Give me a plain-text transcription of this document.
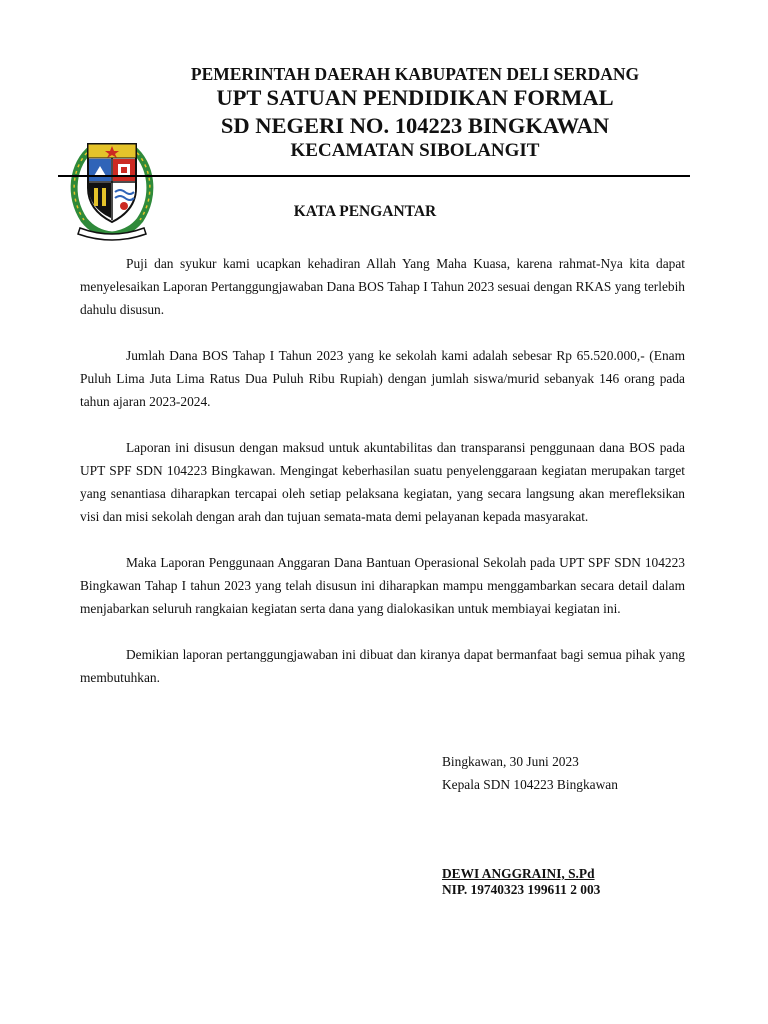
PEMERINTAH DAERAH KABUPATEN DELI SERDANG
UPT SATUAN PENDIDIKAN FORMAL
SD NEGERI NO. 104223 BINGKAWAN
KECAMATAN SIBOLANGIT
KATA PENGANTAR

Puji dan syukur kami ucapkan kehadiran Allah Yang Maha Kuasa, karena rahmat-Nya kita dapat menyelesaikan Laporan Pertanggungjawaban Dana BOS Tahap I Tahun 2023 sesuai dengan RKAS yang terlebih dahulu disusun.

Jumlah Dana BOS Tahap I Tahun 2023 yang ke sekolah kami adalah sebesar Rp 65.520.000,- (Enam Puluh Lima Juta Lima Ratus Dua Puluh Ribu Rupiah) dengan jumlah siswa/murid sebanyak 146 orang pada tahun ajaran 2023-2024.

Laporan ini disusun dengan maksud untuk akuntabilitas dan transparansi penggunaan dana BOS pada UPT SPF SDN 104223 Bingkawan. Mengingat keberhasilan suatu penyelenggaraan kegiatan merupakan target yang senantiasa diharapkan tercapai oleh setiap pelaksana kegiatan, yang secara langsung akan merefleksikan visi dan misi sekolah dengan arah dan tujuan semata-mata demi pelayanan kepada masyarakat.

Maka Laporan Penggunaan Anggaran Dana Bantuan Operasional Sekolah pada UPT SPF SDN 104223 Bingkawan Tahap I tahun 2023 yang telah disusun ini diharapkan mampu menggambarkan secara detail dalam menjabarkan seluruh rangkaian kegiatan serta dana yang dialokasikan untuk membiayai kegiatan ini.

Demikian laporan pertanggungjawaban ini dibuat dan kiranya dapat bermanfaat bagi semua pihak yang membutuhkan.

Bingkawan, 30 Juni 2023
Kepala SDN 104223 Bingkawan
DEWI ANGGRAINI, S.Pd
NIP. 19740323 199611 2 003
